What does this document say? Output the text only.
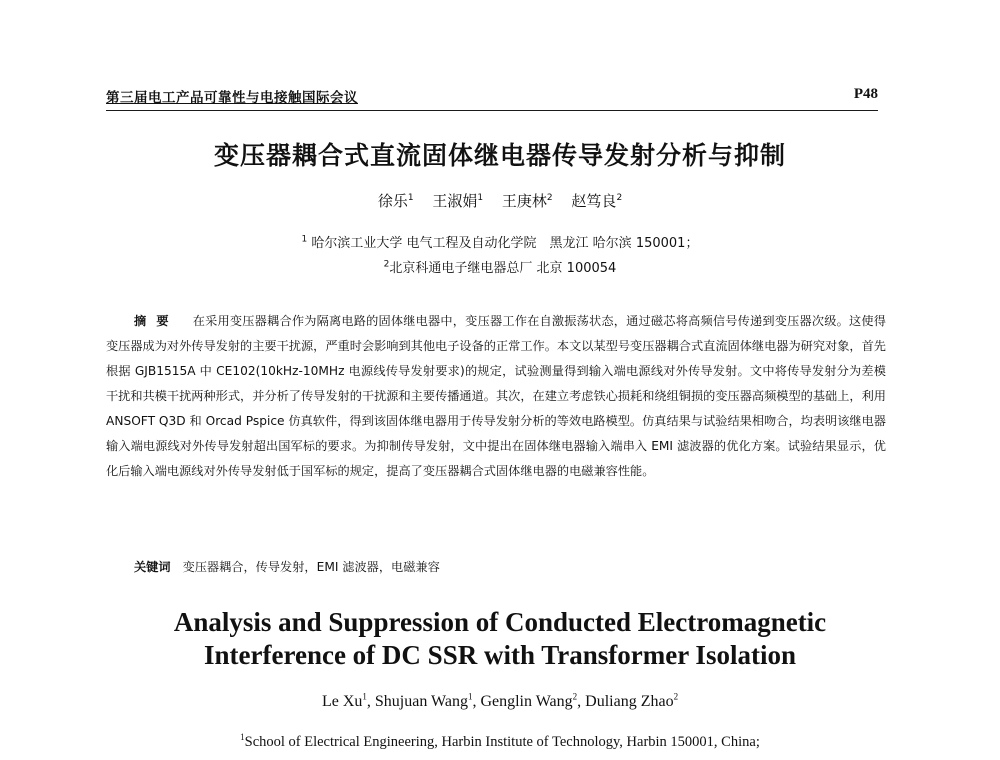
第三届电工产品可靠性与电接触国际会议	P48
变压器耦合式直流固体继电器传导发射分析与抑制
徐乐$^1$ 王淑娟$^1$ 王庚林$^2$ 赵笃良$^2$
$^1$ 哈尔滨工业大学 电气工程及自动化学院　黑龙江 哈尔滨 150001；
$^2$北京科通电子继电器总厂 北京 100054
摘要 在采用变压器耦合作为隔离电路的固体继电器中，变压器工作在自激振荡状态，通过磁芯将高频信号传递到变压器次级。这使得变压器成为对外传导发射的主要干扰源，严重时会影响到其他电子设备的正常工作。本文以某型号变压器耦合式直流固体继电器为研究对象，首先根据 GJB1515A 中 CE102(10kHz-10MHz 电源线传导发射要求)的规定，试验测量得到输入端电源线对外传导发射。文中将传导发射分为差模干扰和共模干扰两种形式，并分析了传导发射的干扰源和主要传播通道。其次，在建立考虑铁心损耗和绕组铜损的变压器高频模型的基础上，利用 ANSOFT Q3D 和 Orcad Pspice 仿真软件，得到该固体继电器用于传导发射分析的等效电路模型。仿真结果与试验结果相吻合，均表明该继电器输入端电源线对外传导发射超出国军标的要求。为抑制传导发射，文中提出在固体继电器输入端串入 EMI 滤波器的优化方案。试验结果显示，优化后输入端电源线对外传导发射低于国军标的规定，提高了变压器耦合式固体继电器的电磁兼容性能。
关键词 变压器耦合，传导发射，EMI 滤波器，电磁兼容
Analysis and Suppression of Conducted Electromagnetic
Interference of DC SSR with Transformer Isolation
Le Xu$^1$, Shujuan Wang$^1$, Genglin Wang$^2$, Duliang Zhao$^2$
$^1$School of Electrical Engineering, Harbin Institute of Technology, Harbin 150001, China;
